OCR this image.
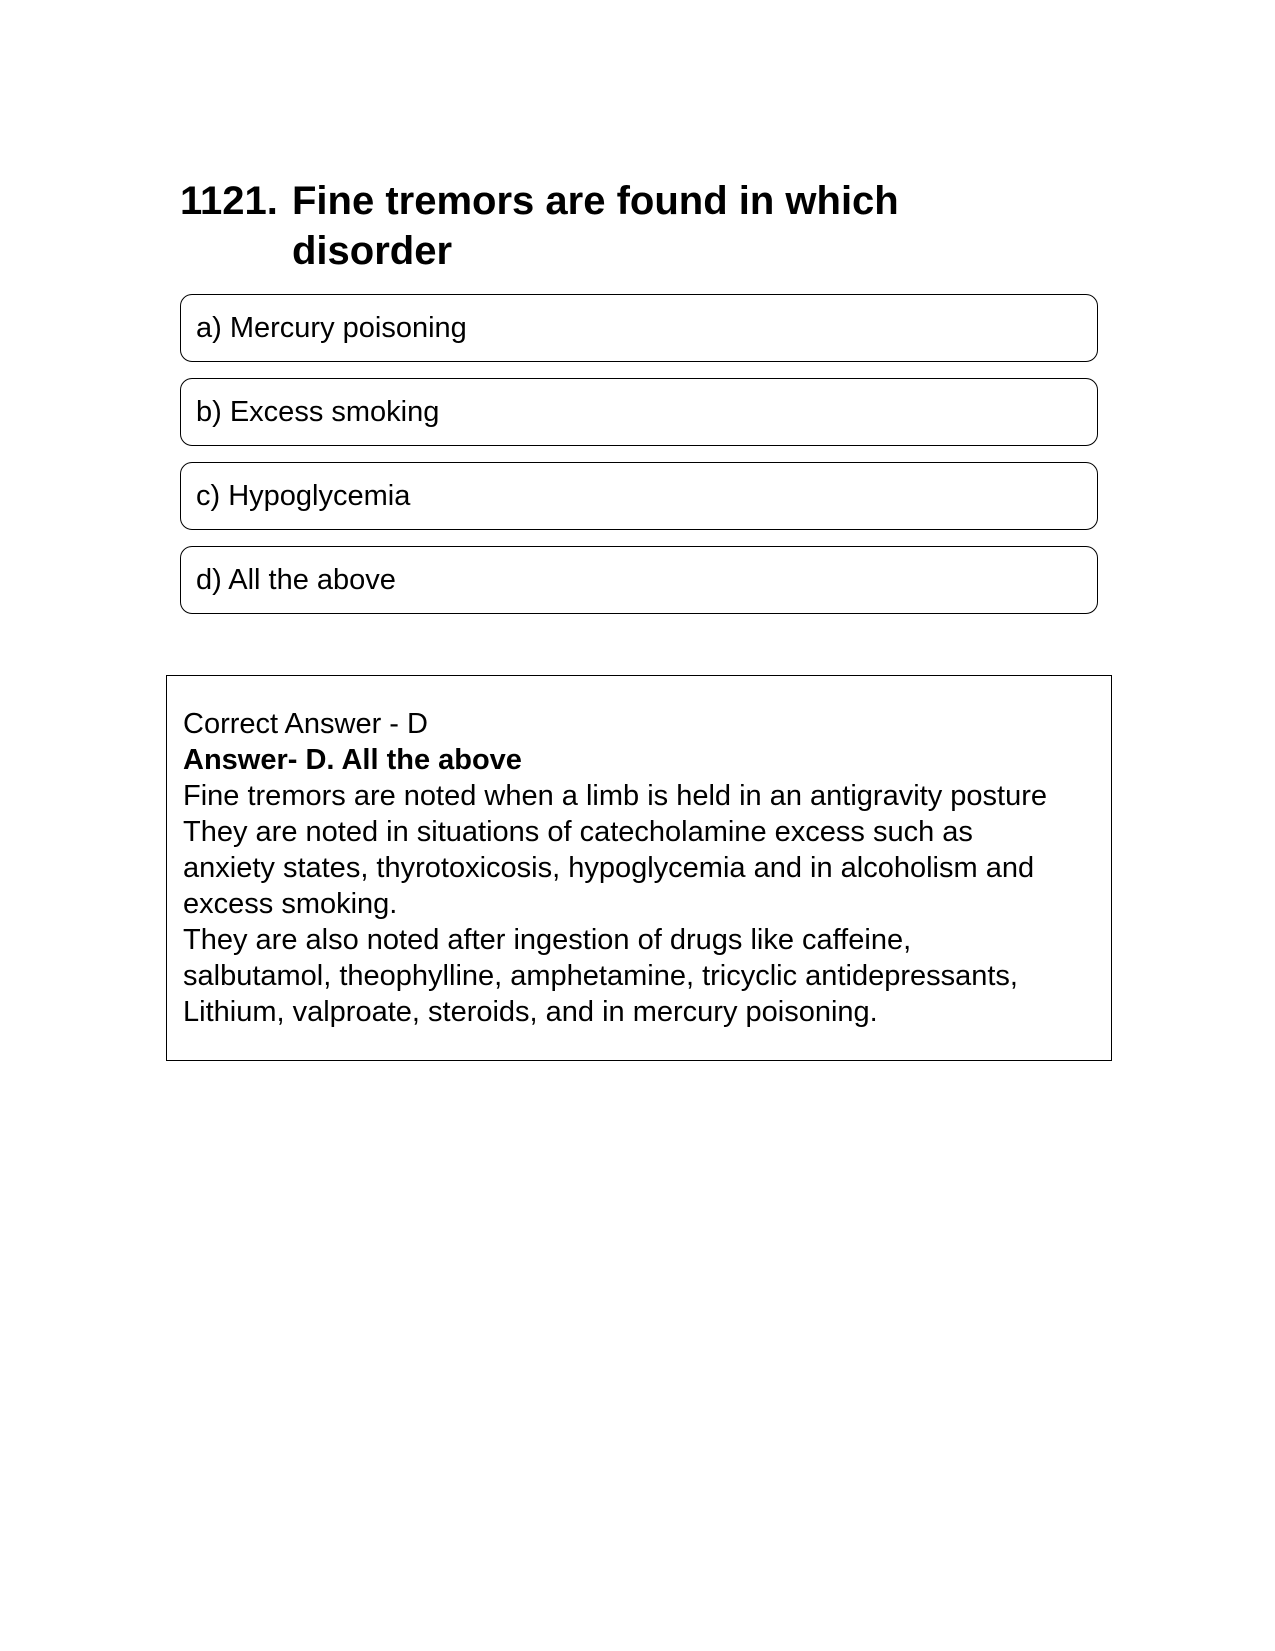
1121. Fine tremors are found in which disorder
a) Mercury poisoning
b) Excess smoking
c) Hypoglycemia
d) All the above
Correct Answer - D
Answer- D. All the above
Fine tremors are noted when a limb is held in an antigravity posture
They are noted in situations of catecholamine excess such as
anxiety states, thyrotoxicosis, hypoglycemia and in alcoholism and
excess smoking.
They are also noted after ingestion of drugs like caffeine,
salbutamol, theophylline, amphetamine, tricyclic antidepressants,
Lithium, valproate, steroids, and in mercury poisoning.
